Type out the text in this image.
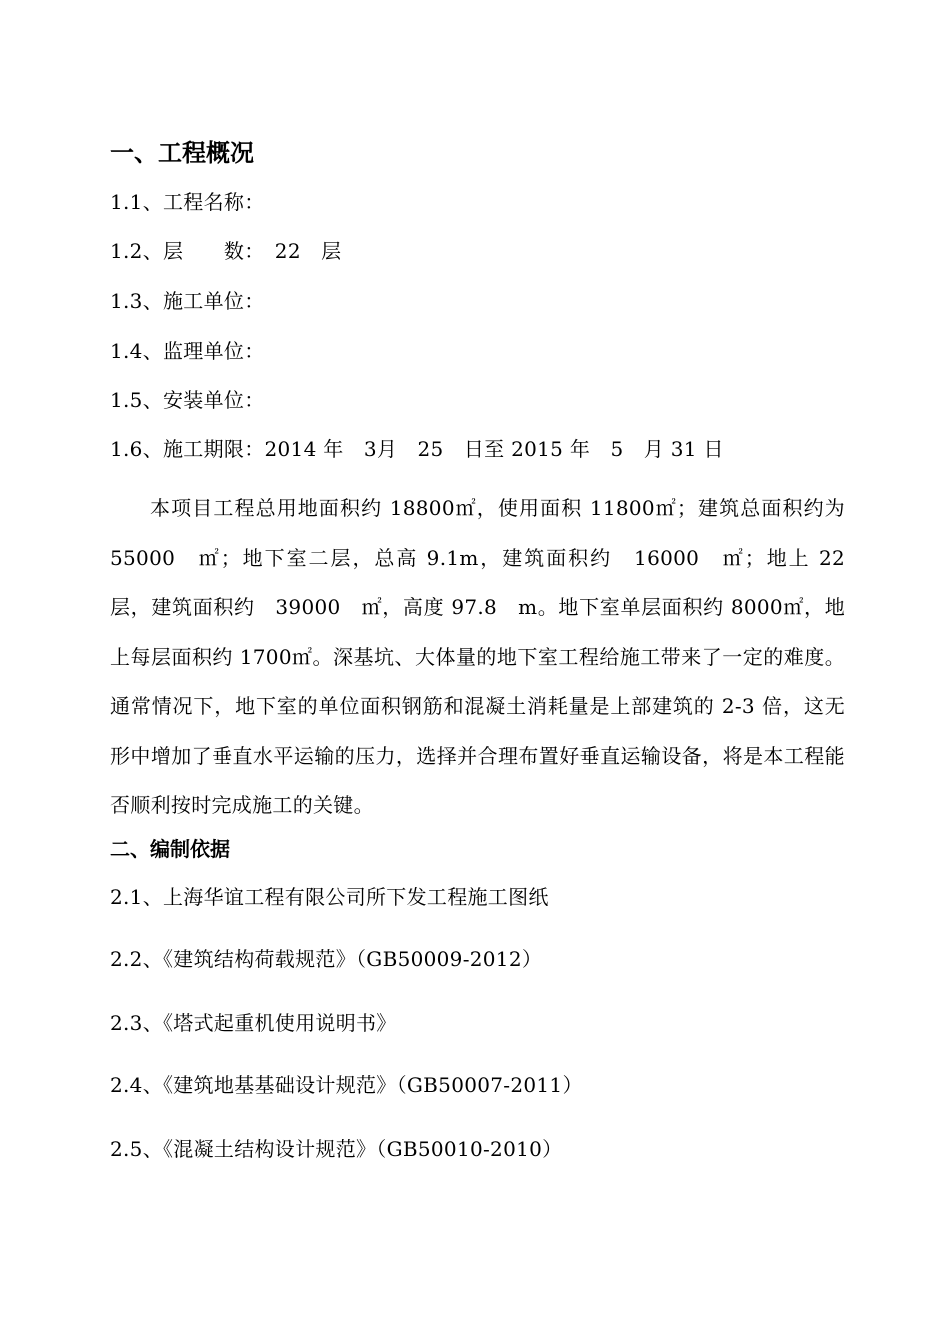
一、工程概况
1.1、工程名称：
1.2、层　　数：　22　层
1.3、施工单位：
1.4、监理单位：
1.5、安装单位：
1.6、施工期限：2014 年　3月　25　日至 2015 年　5　月 31 日
本项目工程总用地面积约 18800㎡，使用面积 11800㎡；建筑总面积约为　55000　㎡；地下室二层，总高 9.1m，建筑面积约　16000　㎡；地上 22 层，建筑面积约　39000　㎡，高度 97.8　m。地下室单层面积约 8000㎡，地上每层面积约 1700㎡。深基坑、大体量的地下室工程给施工带来了一定的难度。通常情况下，地下室的单位面积钢筋和混凝土消耗量是上部建筑的 2-3 倍，这无形中增加了垂直水平运输的压力，选择并合理布置好垂直运输设备，将是本工程能否顺利按时完成施工的关键。
二、编制依据
2.1、上海华谊工程有限公司所下发工程施工图纸
2.2、《建筑结构荷载规范》（GB50009-2012）
2.3、《塔式起重机使用说明书》
2.4、《建筑地基基础设计规范》（GB50007-2011）
2.5、《混凝土结构设计规范》（GB50010-2010）
